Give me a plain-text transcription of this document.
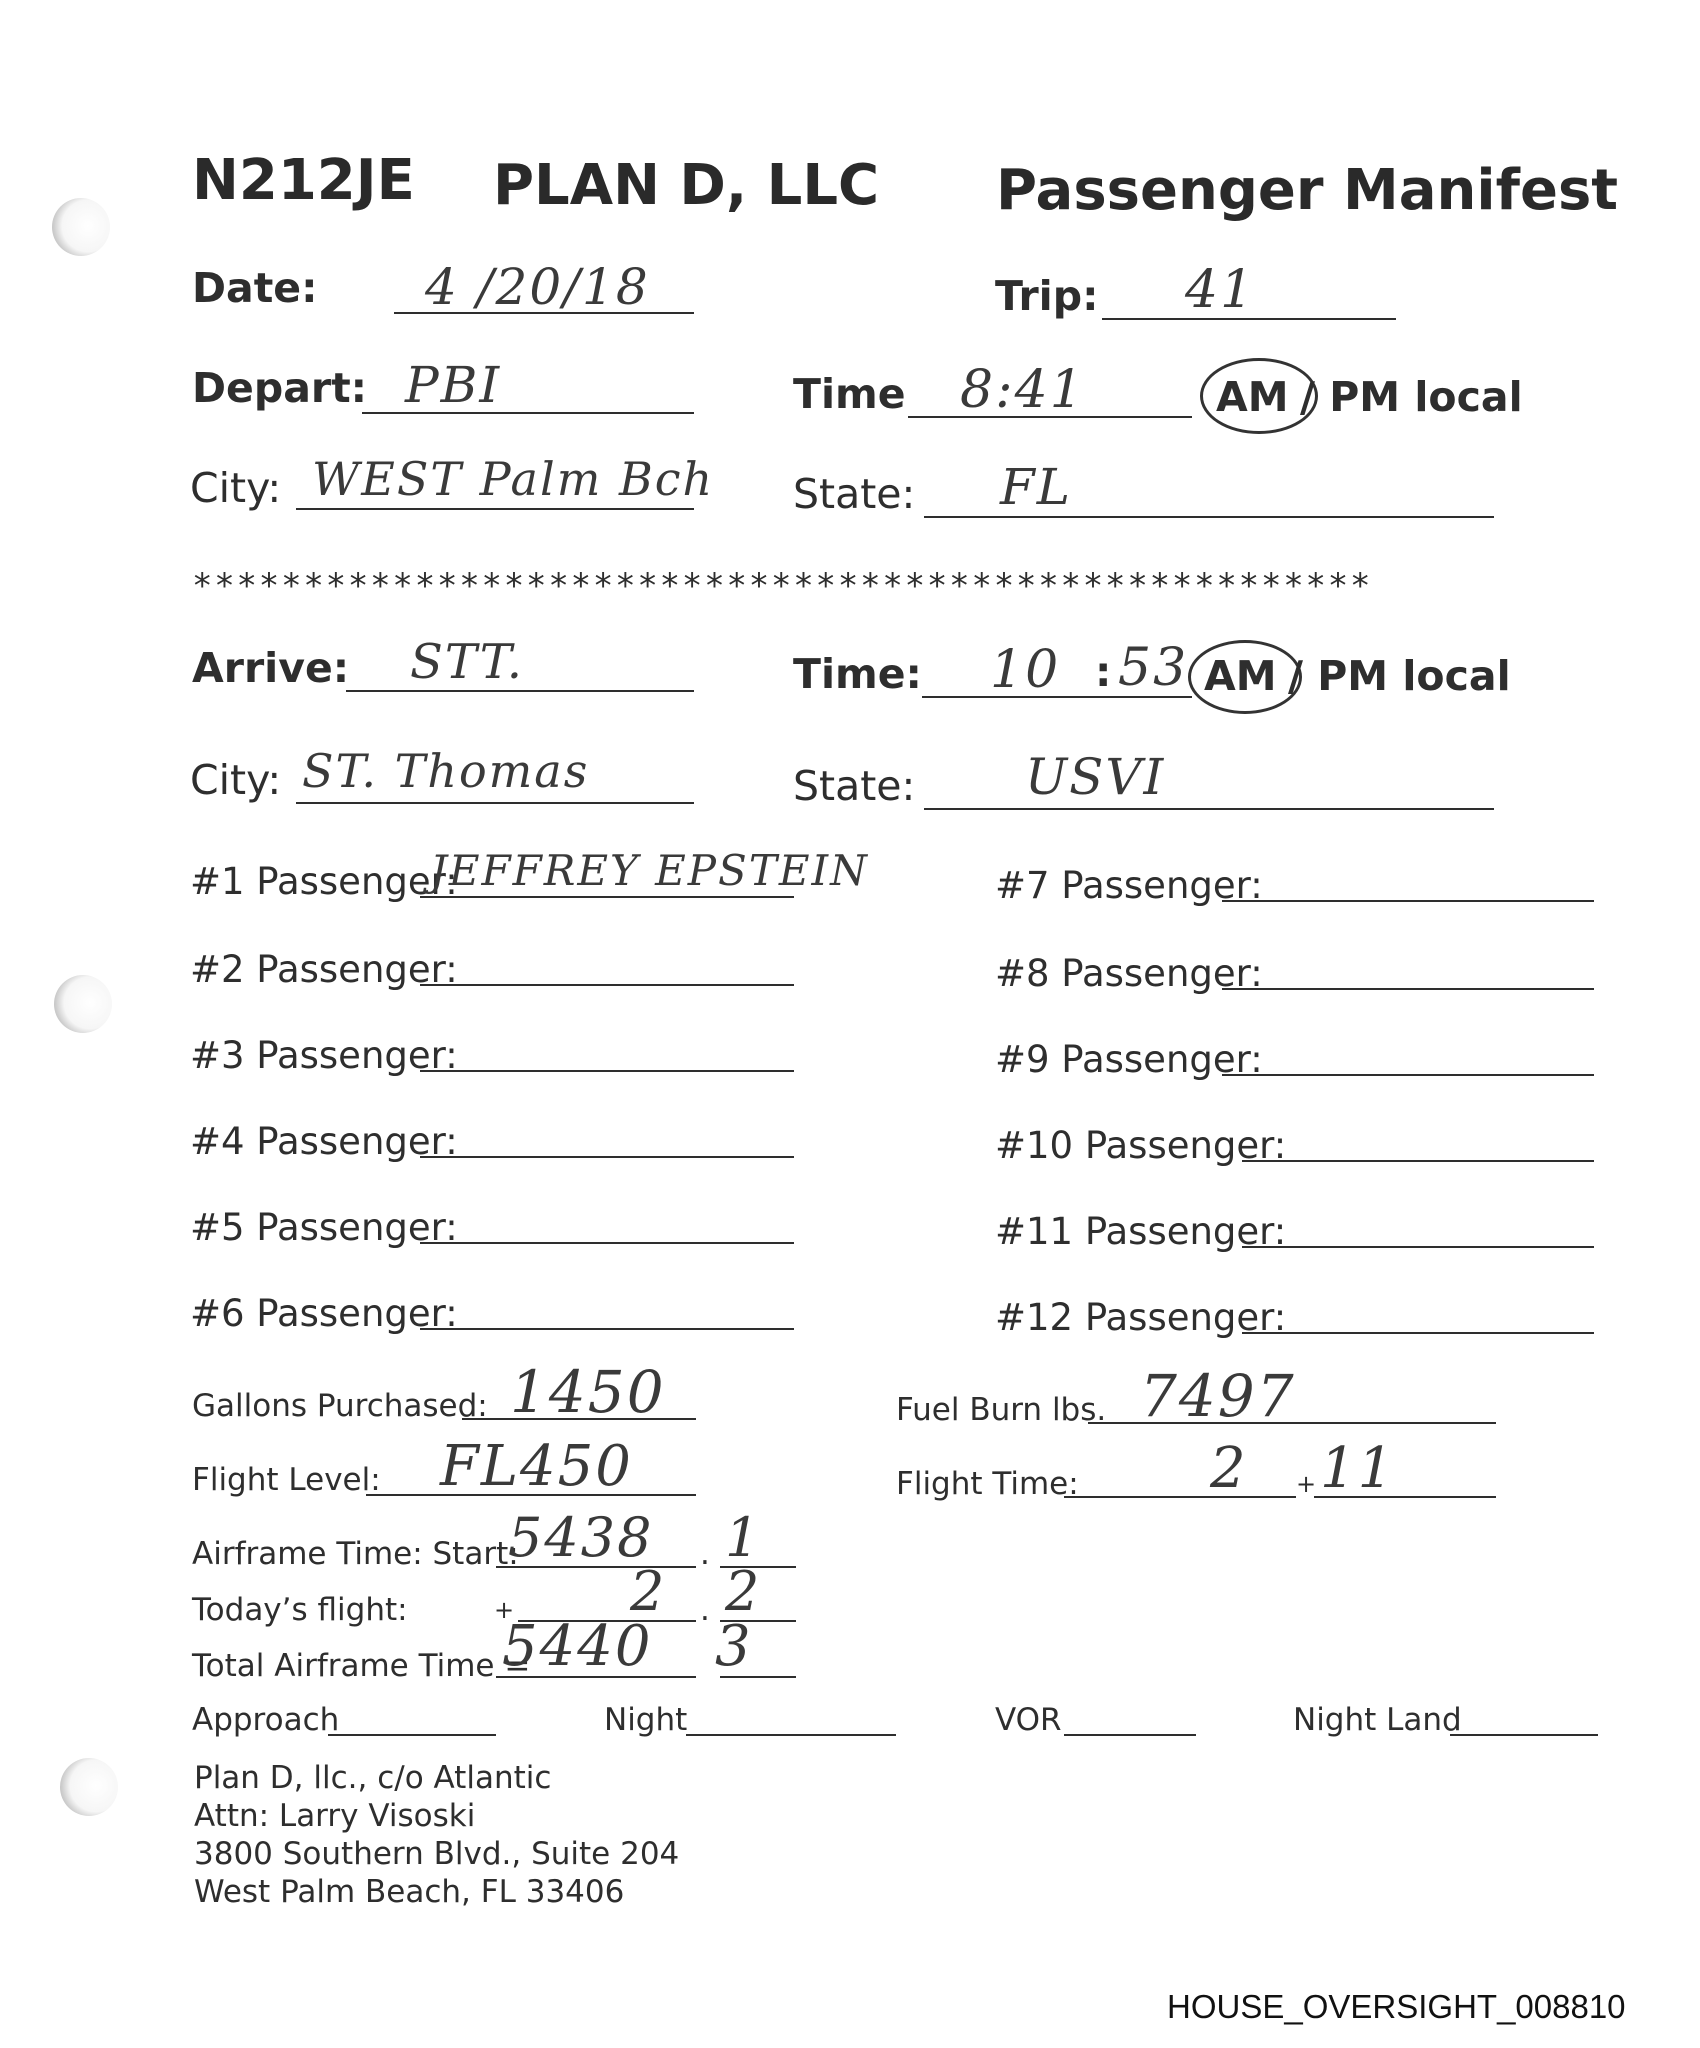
N212JE PLAN D, LLC Passenger Manifest
Date: 4 /20/18	Trip: 41
Depart: PBI	Time 8:41	AM / PM local
City: WEST Palm Bch State: FL
*****************************************************
Arrive: STT.	Time: 10 : 53 AM / PM local
City: ST. Thomas	State: USVI
#1 Passenger:
JEFFREY EPSTEIN
#2 Passenger:
#3 Passenger:
#4 Passenger:
#5 Passenger:
#6 Passenger:
#7 Passenger:
#8 Passenger:
#9 Passenger:
#10 Passenger:
#11 Passenger:
#12 Passenger:
Gallons Purchased: 1450	Fuel Burn lbs. 7497
Flight Level: FL450	Flight Time: 2 + 11
Airframe Time: Start:
5438 . 1
Today’s flight:	+ 2 . 2
Total Airframe Time =
5440 3
Approach	Night	VOR	Night Land
Plan D, llc., c/o Atlantic
Attn: Larry Visoski
3800 Southern Blvd., Suite 204
West Palm Beach, FL 33406
HOUSE_OVERSIGHT_008810
